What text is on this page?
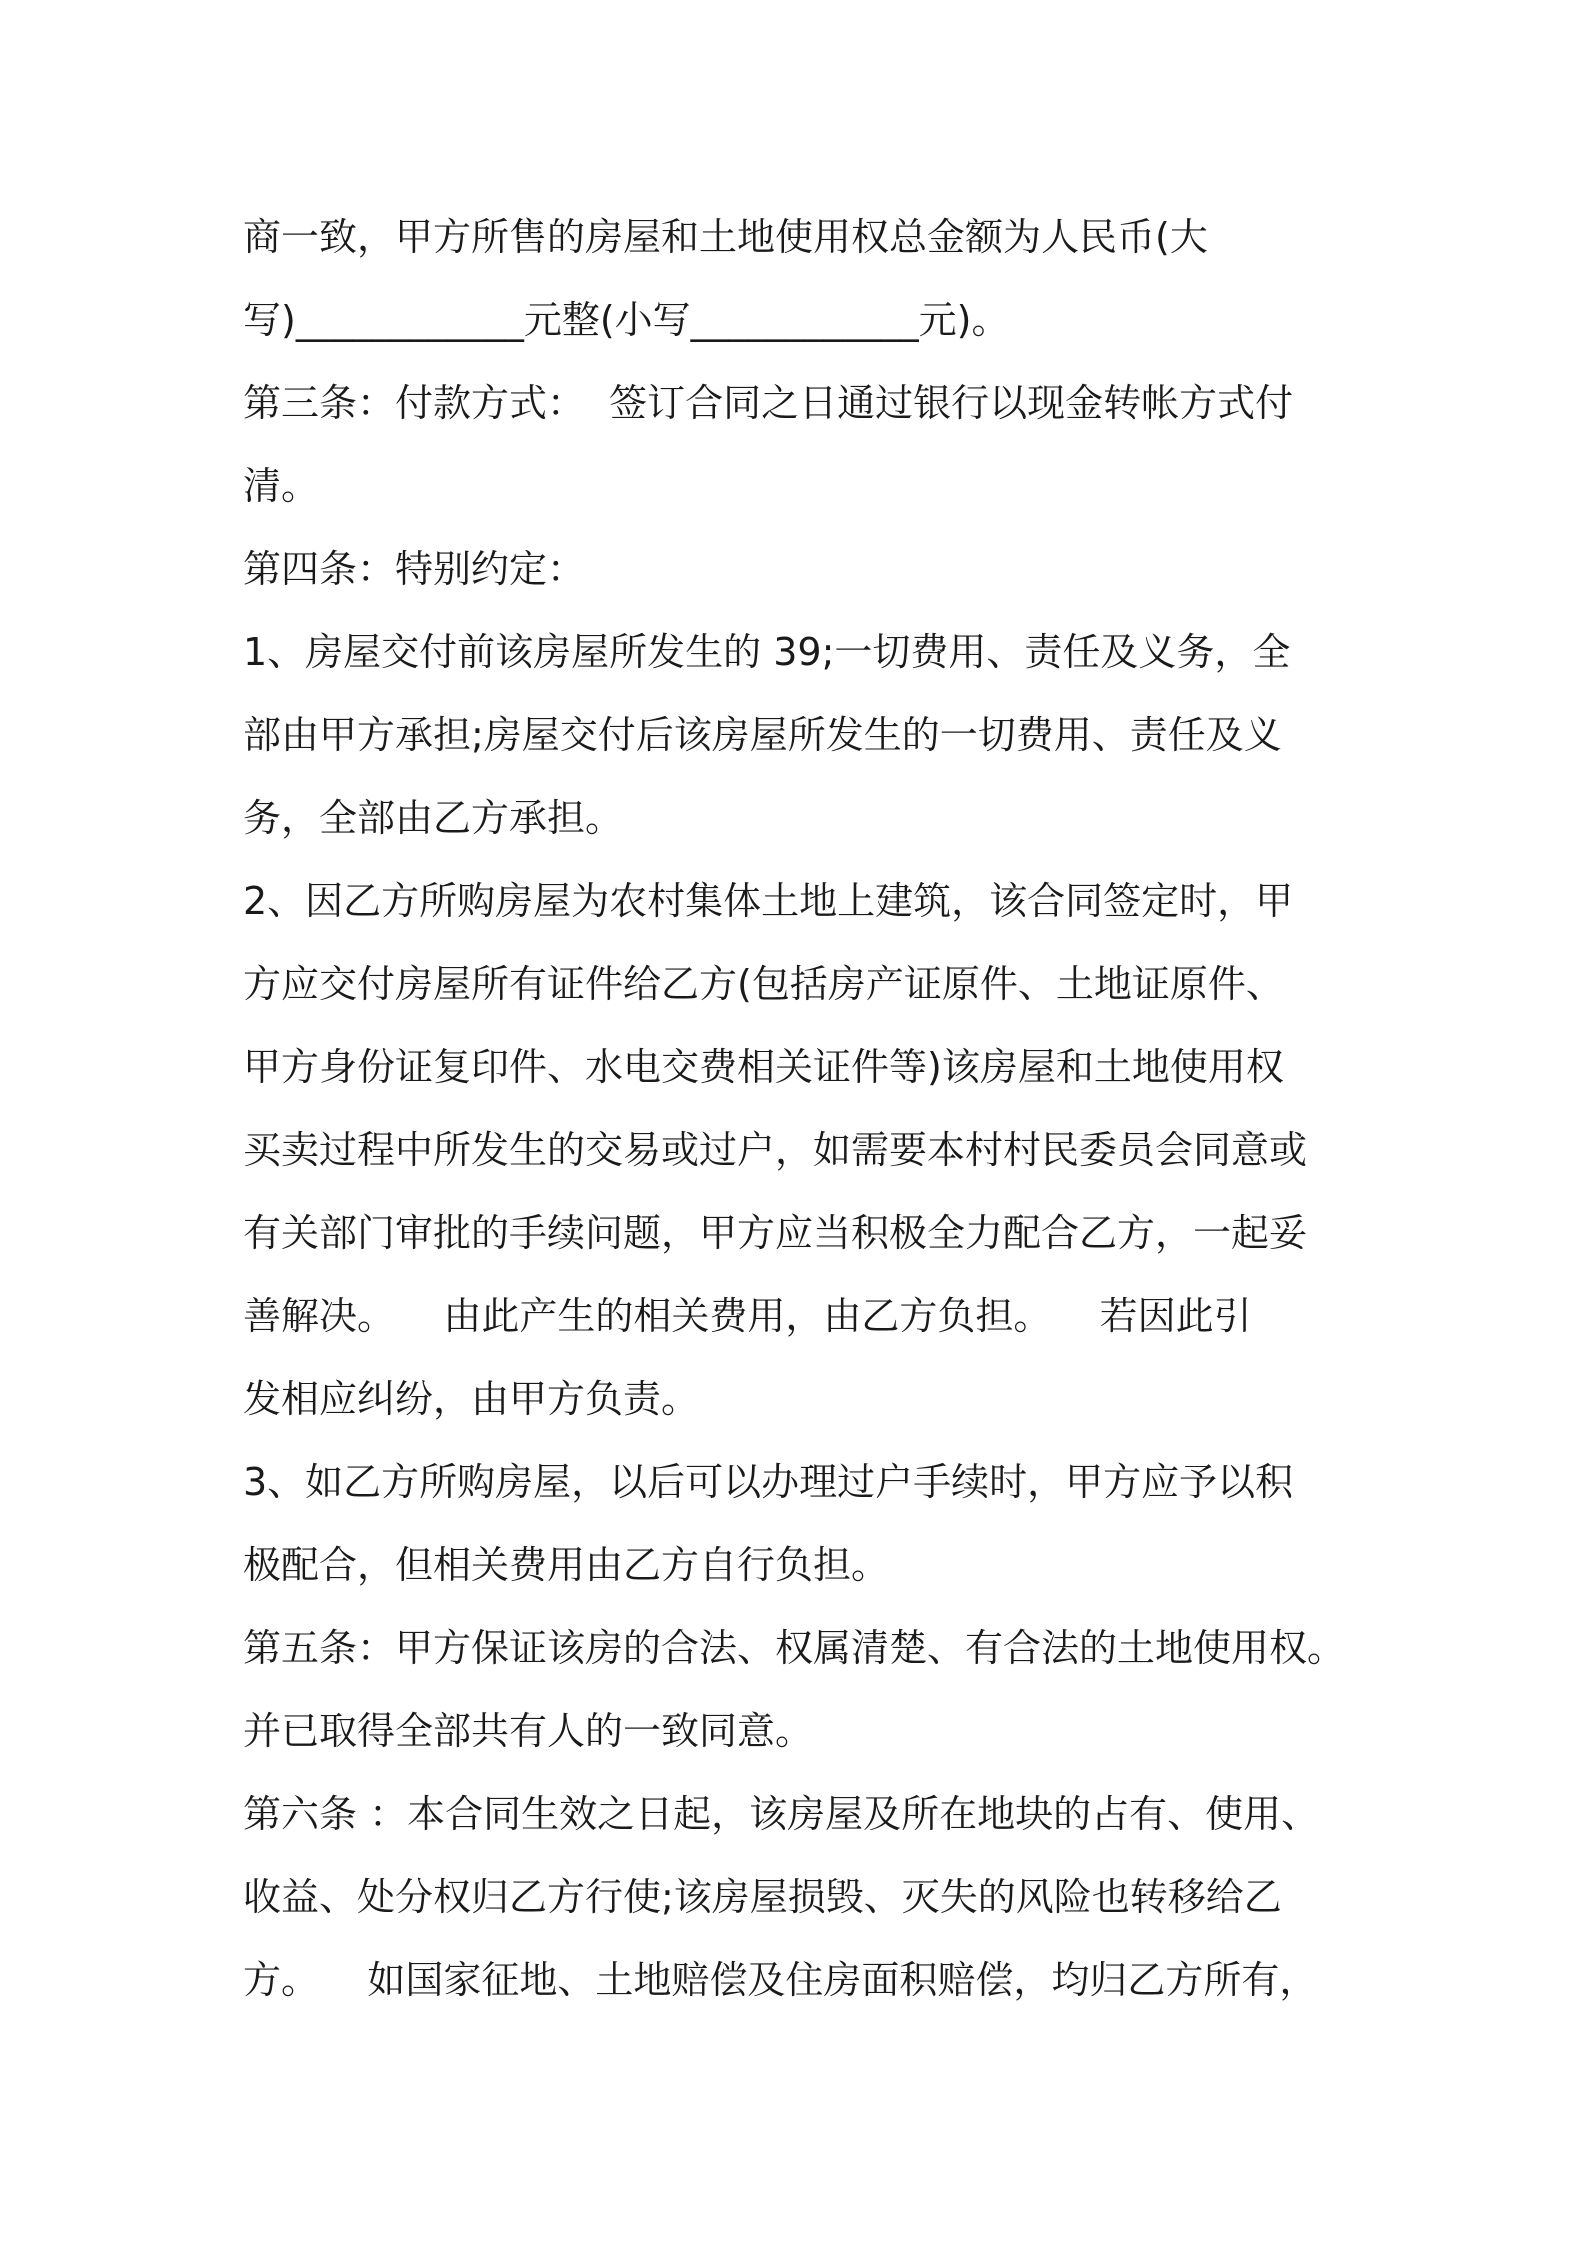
商一致，甲方所售的房屋和土地使用权总金额为人民币(大
写)____________元整(小写____________元)。
第三条：付款方式：  签订合同之日通过银行以现金转帐方式付
清。
第四条：特别约定：
1、房屋交付前该房屋所发生的 39;一切费用、责任及义务，全
部由甲方承担;房屋交付后该房屋所发生的一切费用、责任及义
务，全部由乙方承担。
2、因乙方所购房屋为农村集体土地上建筑，该合同签定时，甲
方应交付房屋所有证件给乙方(包括房产证原件、土地证原件、
甲方身份证复印件、水电交费相关证件等)该房屋和土地使用权
买卖过程中所发生的交易或过户，如需要本村村民委员会同意或
有关部门审批的手续问题，甲方应当积极全力配合乙方，一起妥
善解决。    由此产生的相关费用，由乙方负担。    若因此引
发相应纠纷，由甲方负责。
3、如乙方所购房屋，以后可以办理过户手续时，甲方应予以积
极配合，但相关费用由乙方自行负担。
第五条：甲方保证该房的合法、权属清楚、有合法的土地使用权。
并已取得全部共有人的一致同意。
第六条 ：本合同生效之日起，该房屋及所在地块的占有、使用、
收益、处分权归乙方行使;该房屋损毁、灭失的风险也转移给乙
方。    如国家征地、土地赔偿及住房面积赔偿，均归乙方所有，
